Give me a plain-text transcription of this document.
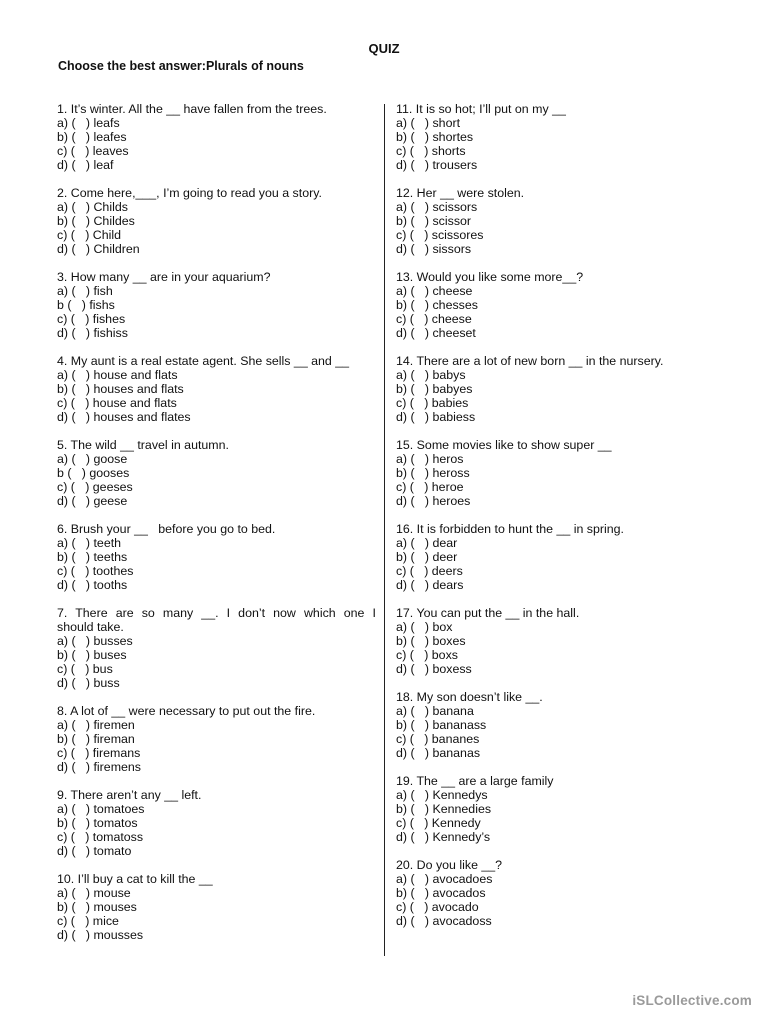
QUIZ
Choose the best answer:Plurals of nouns
1. It’s winter. All the __ have fallen from the trees.
a) (   ) leafs
b) (   ) leafes
c) (   ) leaves
d) (   ) leaf
2. Come here,___, I’m going to read you a story.
a) (   ) Childs
b) (   ) Childes
c) (   ) Child
d) (   ) Children
3. How many __ are in your aquarium?
a) (   ) fish
b (   ) fishs
c) (   ) fishes
d) (   ) fishiss
4. My aunt is a real estate agent. She sells __ and __
a) (   ) house and flats
b) (   ) houses and flats
c) (   ) house and flats
d) (   ) houses and flates
5. The wild __ travel in autumn.
a) (   ) goose
b (   ) gooses
c) (   ) geeses
d) (   ) geese
6. Brush your __   before you go to bed.
a) (   ) teeth
b) (   ) teeths
c) (   ) toothes
d) (   ) tooths
7.  There  are  so  many  __.  I  don’t  now  which  one  I should take.
a) (   ) busses
b) (   ) buses
c) (   ) bus
d) (   ) buss
8. A lot of __ were necessary to put out the fire.
a) (   ) firemen
b) (   ) fireman
c) (   ) firemans
d) (   ) firemens
9. There aren’t any __ left.
a) (   ) tomatoes
b) (   ) tomatos
c) (   ) tomatoss
d) (   ) tomato
10. I’ll buy a cat to kill the __
a) (   ) mouse
b) (   ) mouses
c) (   ) mice
d) (   ) mousses
11. It is so hot; I’ll put on my __
a) (   ) short
b) (   ) shortes
c) (   ) shorts
d) (   ) trousers
12. Her __ were stolen.
a) (   ) scissors
b) (   ) scissor
c) (   ) scissores
d) (   ) sissors
13. Would you like some more__?
a) (   ) cheese
b) (   ) chesses
c) (   ) cheese
d) (   ) cheeset
14. There are a lot of new born __ in the nursery.
a) (   ) babys
b) (   ) babyes
c) (   ) babies
d) (   ) babiess
15. Some movies like to show super __
a) (   ) heros
b) (   ) heross
c) (   ) heroe
d) (   ) heroes
16. It is forbidden to hunt the __ in spring.
a) (   ) dear
b) (   ) deer
c) (   ) deers
d) (   ) dears
17. You can put the __ in the hall.
a) (   ) box
b) (   ) boxes
c) (   ) boxs
d) (   ) boxess
18. My son doesn’t like __.
a) (   ) banana
b) (   ) bananass
c) (   ) bananes
d) (   ) bananas
19. The __ are a large family
a) (   ) Kennedys
b) (   ) Kennedies
c) (   ) Kennedy
d) (   ) Kennedy’s
20. Do you like __?
a) (   ) avocadoes
b) (   ) avocados
c) (   ) avocado
d) (   ) avocadoss
iSLCollective.com
